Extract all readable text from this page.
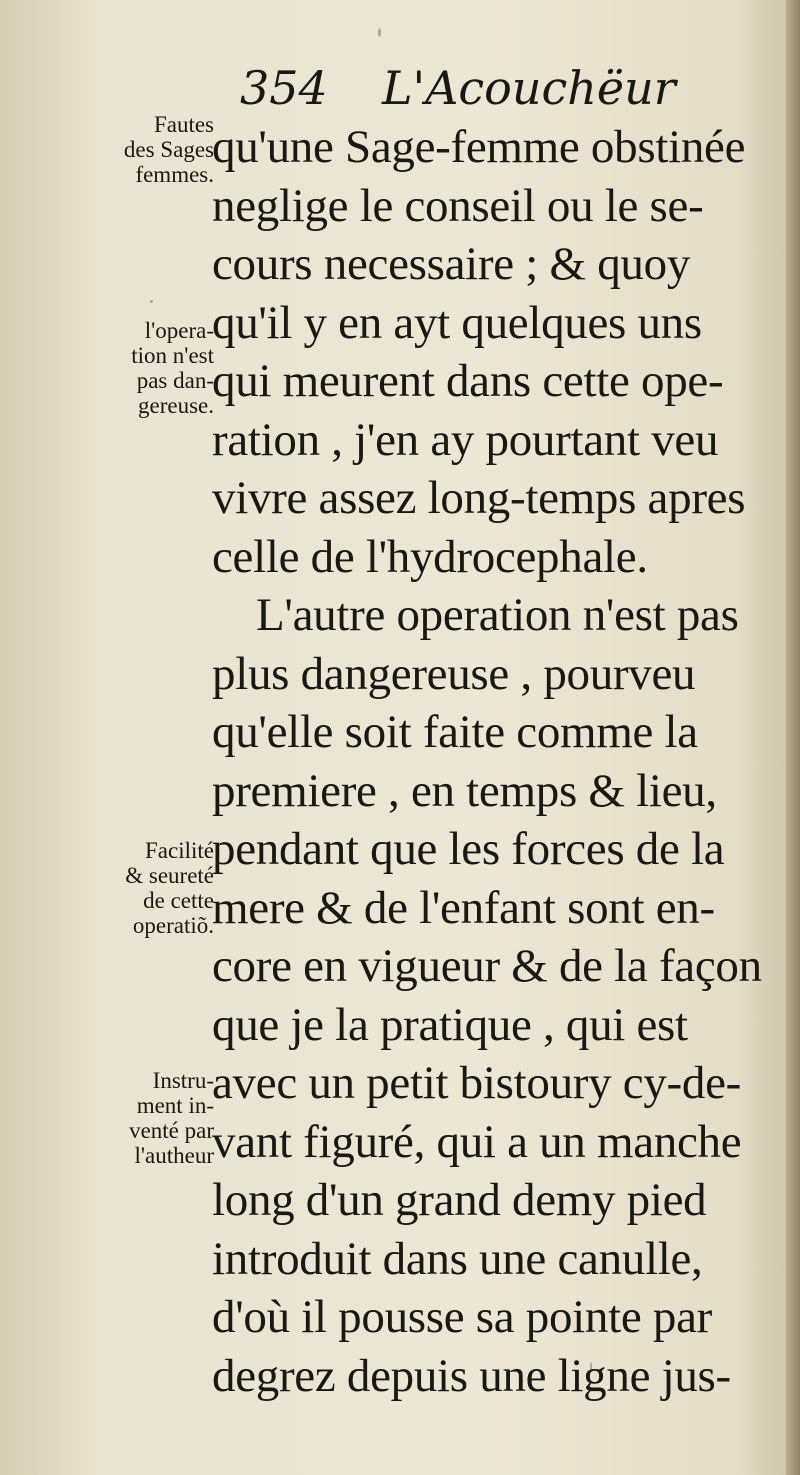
354 L'Acouchëur
qu'une Sage-femme obstinée
neglige le conseil ou le se-
cours necessaire ; & quoy
qu'il y en ayt quelques uns
qui meurent dans cette ope-
ration , j'en ay pourtant veu
vivre assez long-temps apres
celle de l'hydrocephale.
L'autre operation n'est pas
plus dangereuse , pourveu
qu'elle soit faite comme la
premiere , en temps & lieu,
pendant que les forces de la
mere & de l'enfant sont en-
core en vigueur & de la façon
que je la pratique , qui est
avec un petit bistoury cy-de-
vant figuré, qui a un manche
long d'un grand demy pied
introduit dans une canulle,
d'où il pousse sa pointe par
degrez depuis une ligne jus-
Fautes
des Sages
femmes.
l'opera-
tion n'est
pas dan-
gereuse.
Facilité
& seureté
de cette
operatiõ.
Instru-
ment in-
venté par
l'autheur
